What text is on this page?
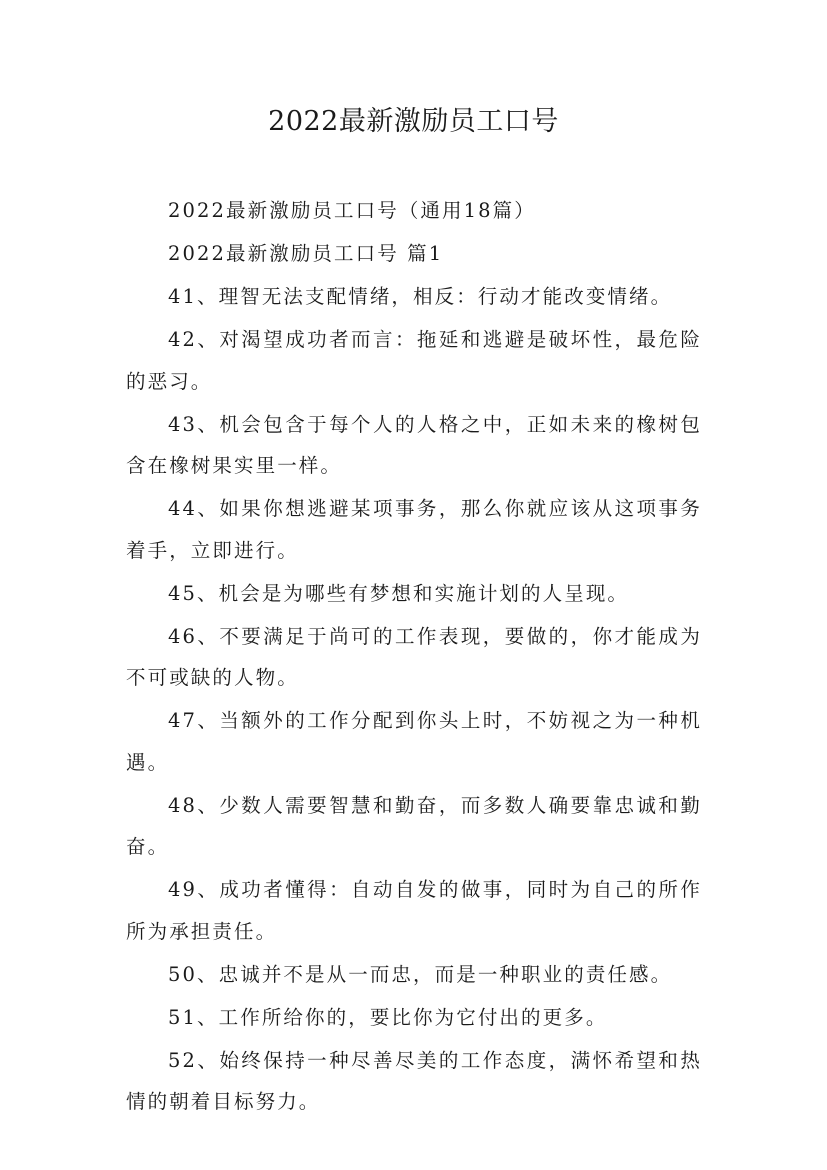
2022最新激励员工口号

2022最新激励员工口号（通用18篇）

2022最新激励员工口号 篇1

41、理智无法支配情绪，相反：行动才能改变情绪。

42、对渴望成功者而言：拖延和逃避是破坏性，最危险的恶习。

43、机会包含于每个人的人格之中，正如未来的橡树包含在橡树果实里一样。

44、如果你想逃避某项事务，那么你就应该从这项事务着手，立即进行。

45、机会是为哪些有梦想和实施计划的人呈现。

46、不要满足于尚可的工作表现，要做的，你才能成为不可或缺的人物。

47、当额外的工作分配到你头上时，不妨视之为一种机遇。

48、少数人需要智慧和勤奋，而多数人确要靠忠诚和勤奋。

49、成功者懂得：自动自发的做事，同时为自己的所作所为承担责任。

50、忠诚并不是从一而忠，而是一种职业的责任感。

51、工作所给你的，要比你为它付出的更多。

52、始终保持一种尽善尽美的工作态度，满怀希望和热情的朝着目标努力。
